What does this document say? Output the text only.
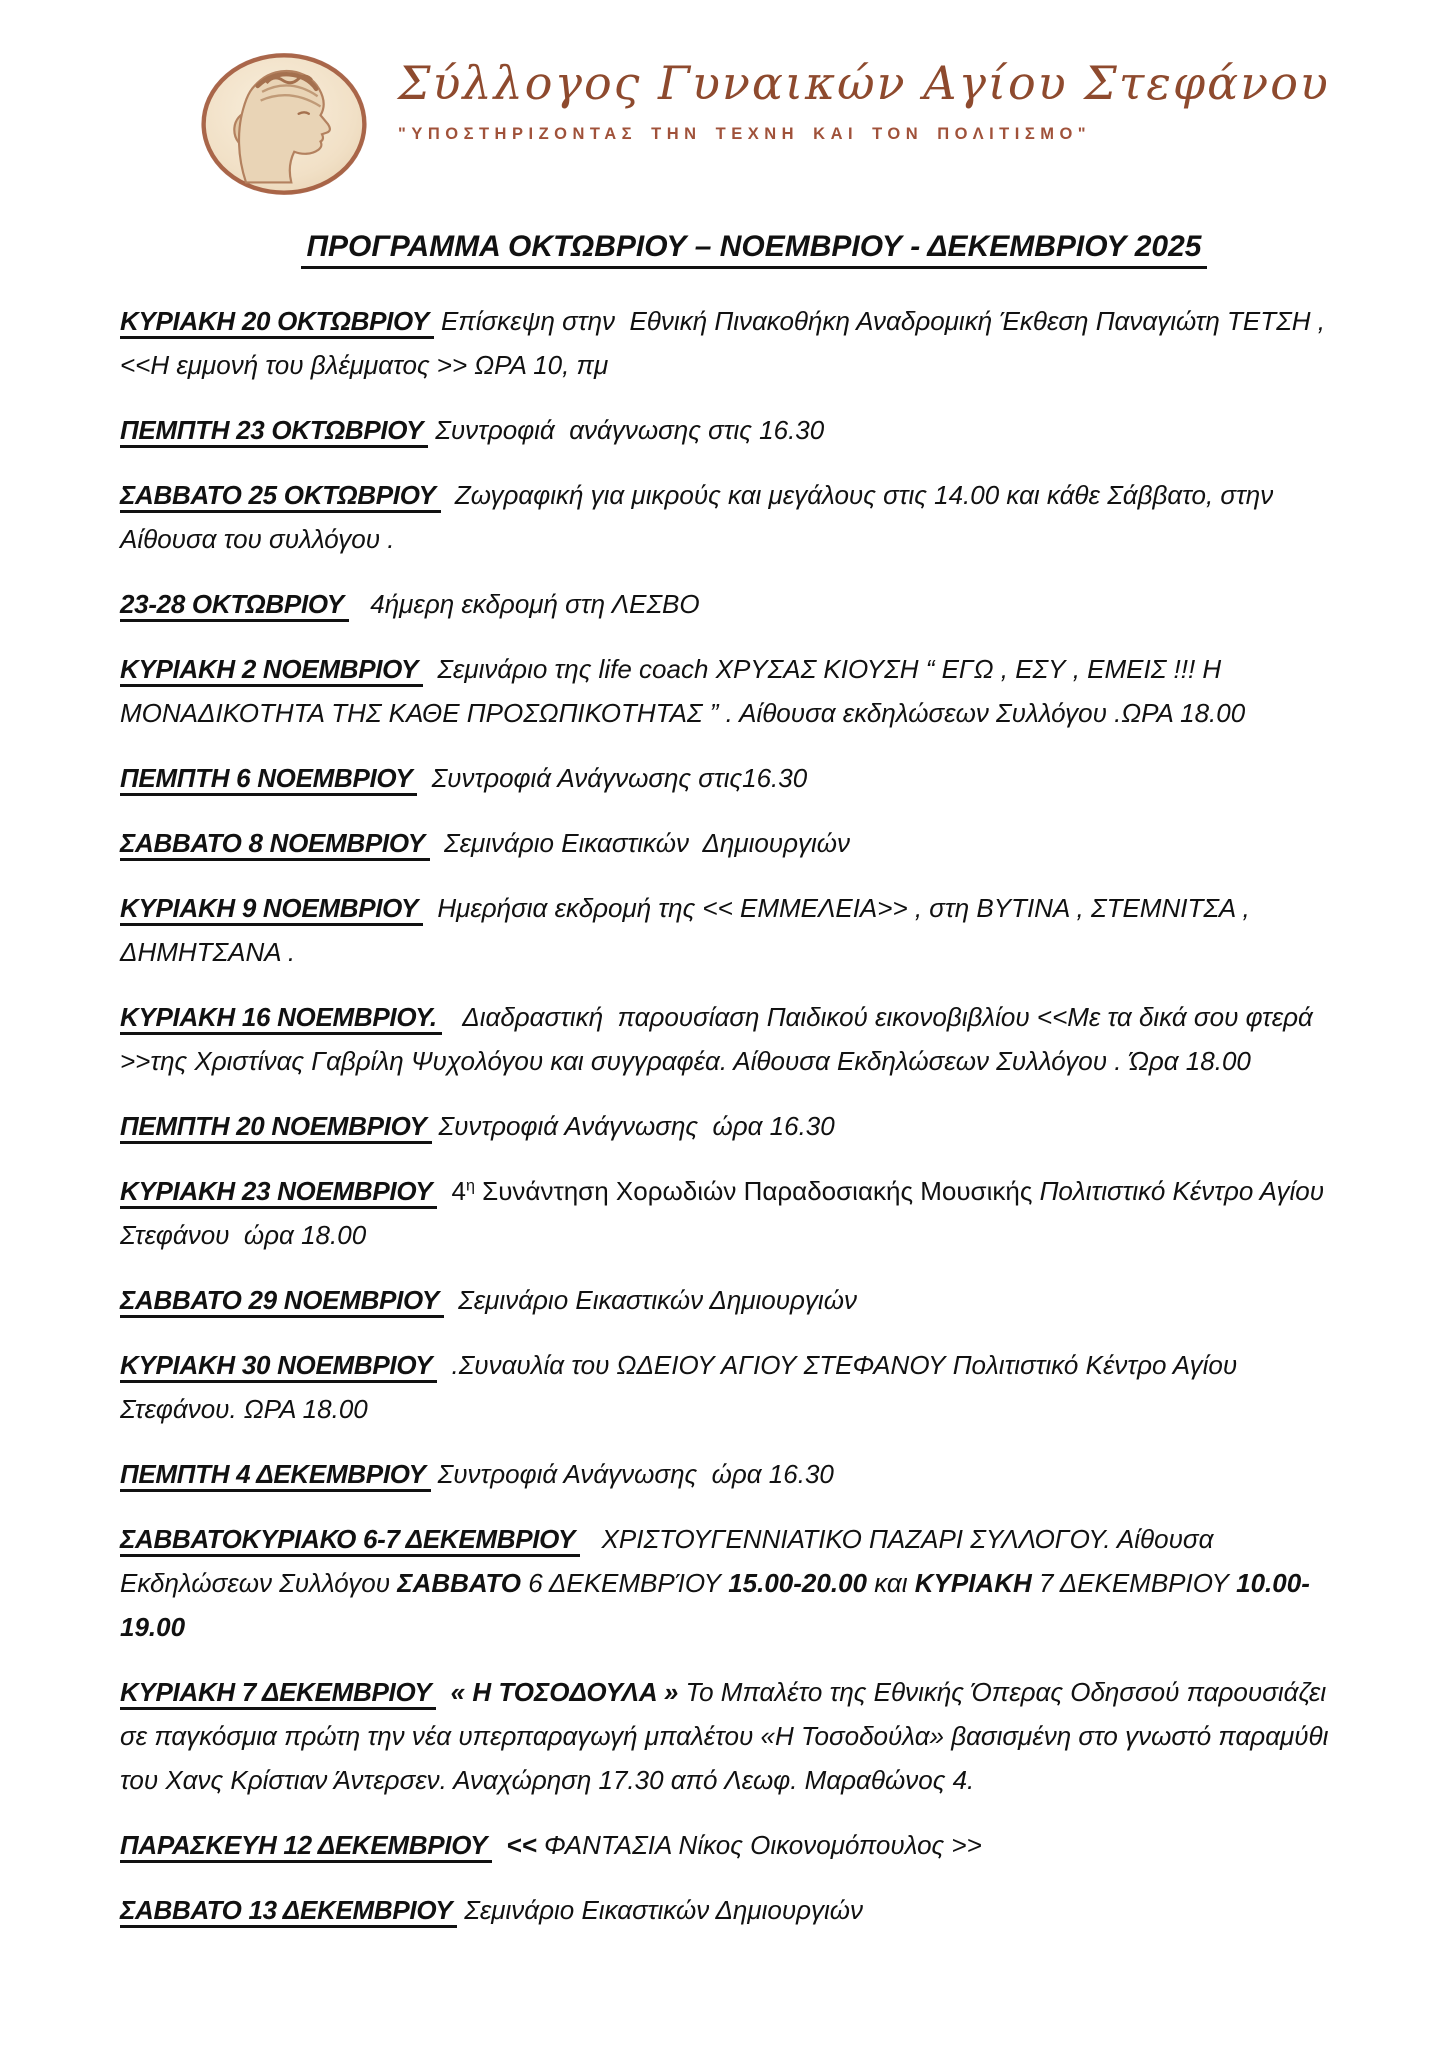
Σύλλογος Γυναικών Αγίου Στεφάνου
"ΥΠΟΣΤΗΡΙΖΟΝΤΑΣ ΤΗΝ ΤΕΧΝΗ ΚΑΙ ΤΟΝ ΠΟΛΙΤΙΣΜΟ"
ΠΡΟΓΡΑΜΜΑ ΟΚΤΩΒΡΙΟΥ – ΝΟΕΜΒΡΙΟΥ - ΔΕΚΕΜΒΡΙΟΥ 2025

ΚΥΡΙΑΚΗ 20 ΟΚΤΩΒΡΙΟΥ Επίσκεψη στην  Εθνική Πινακοθήκη Αναδρομική Έκθεση Παναγιώτη ΤΕΤΣΗ , <<Η εμμονή του βλέμματος >> ΩΡΑ 10, πμ

ΠΕΜΠΤΗ 23 ΟΚΤΩΒΡΙΟΥ Συντροφιά  ανάγνωσης στις 16.30

ΣΑΒΒΑΤΟ 25 ΟΚΤΩΒΡΙΟΥ Ζωγραφική για μικρούς και μεγάλους στις 14.00 και κάθε Σάββατο, στην Αίθουσα του συλλόγου .

23-28 ΟΚΤΩΒΡΙΟΥ  4ήμερη εκδρομή στη ΛΕΣΒΟ

ΚΥΡΙΑΚΗ 2 ΝΟΕΜΒΡΙΟΥ Σεμινάριο της life coach ΧΡΥΣΑΣ ΚΙΟΥΣΗ “ ΕΓΩ , ΕΣΥ , ΕΜΕΙΣ !!! Η ΜΟΝΑΔΙΚΟΤΗΤΑ ΤΗΣ ΚΑΘΕ ΠΡΟΣΩΠΙΚΟΤΗΤΑΣ ” . Αίθουσα εκδηλώσεων Συλλόγου .ΩΡΑ 18.00

ΠΕΜΠΤΗ 6 ΝΟΕΜΒΡΙΟΥ Συντροφιά Ανάγνωσης στις16.30

ΣΑΒΒΑΤΟ 8 ΝΟΕΜΒΡΙΟΥ Σεμινάριο Εικαστικών  Δημιουργιών

ΚΥΡΙΑΚΗ 9 ΝΟΕΜΒΡΙΟΥ Ημερήσια εκδρομή της << ΕΜΜΕΛΕΙΑ>> , στη ΒΥΤΙΝΑ , ΣΤΕΜΝΙΤΣΑ , ΔΗΜΗΤΣΑΝΑ .

ΚΥΡΙΑΚΗ 16 ΝΟΕΜΒΡΙΟΥ.  Διαδραστική  παρουσίαση Παιδικού εικονοβιβλίου <<Με τα δικά σου φτερά >>της Χριστίνας Γαβρίλη Ψυχολόγου και συγγραφέα. Αίθουσα Εκδηλώσεων Συλλόγου . Ώρα 18.00

ΠΕΜΠΤΗ 20 ΝΟΕΜΒΡΙΟΥ Συντροφιά Ανάγνωσης  ώρα 16.30

ΚΥΡΙΑΚΗ 23 ΝΟΕΜΒΡΙΟΥ $4^\eta$ Συνάντηση Χορωδιών Παραδοσιακής Μουσικής Πολιτιστικό Κέντρο Αγίου Στεφάνου  ώρα 18.00

ΣΑΒΒΑΤΟ 29 ΝΟΕΜΒΡΙΟΥ Σεμινάριο Εικαστικών Δημιουργιών

ΚΥΡΙΑΚΗ 30 ΝΟΕΜΒΡΙΟΥ .Συναυλία του ΩΔΕΙΟΥ ΑΓΙΟΥ ΣΤΕΦΑΝΟΥ Πολιτιστικό Κέντρο Αγίου Στεφάνου. ΩΡΑ 18.00

ΠΕΜΠΤΗ 4 ΔΕΚΕΜΒΡΙΟΥ Συντροφιά Ανάγνωσης  ώρα 16.30

ΣΑΒΒΑΤΟΚΥΡΙΑΚΟ 6-7 ΔΕΚΕΜΒΡΙΟΥ  ΧΡΙΣΤΟΥΓΕΝΝΙΑΤΙΚΟ ΠΑΖΑΡΙ ΣΥΛΛΟΓΟΥ. Αίθουσα Εκδηλώσεων Συλλόγου ΣΑΒΒΑΤΟ 6 ΔΕΚΕΜΒΡΊΟΥ 15.00-20.00 και ΚΥΡΙΑΚΗ 7 ΔΕΚΕΜΒΡΙΟΥ 10.00-19.00

ΚΥΡΙΑΚΗ 7 ΔΕΚΕΜΒΡΙΟΥ « Η ΤΟΣΟΔΟΥΛΑ » Το Μπαλέτο της Εθνικής Όπερας Οδησσού παρουσιάζει σε παγκόσμια πρώτη την νέα υπερπαραγωγή μπαλέτου «Η Τοσοδούλα» βασισμένη στο γνωστό παραμύθι του Χανς Κρίστιαν Άντερσεν. Αναχώρηση 17.30 από Λεωφ. Μαραθώνος 4.

ΠΑΡΑΣΚΕΥΗ 12 ΔΕΚΕΜΒΡΙΟΥ << ΦΑΝΤΑΣΙΑ Νίκος Οικονομόπουλος >>

ΣΑΒΒΑΤΟ 13 ΔΕΚΕΜΒΡΙΟΥ Σεμινάριο Εικαστικών Δημιουργιών
